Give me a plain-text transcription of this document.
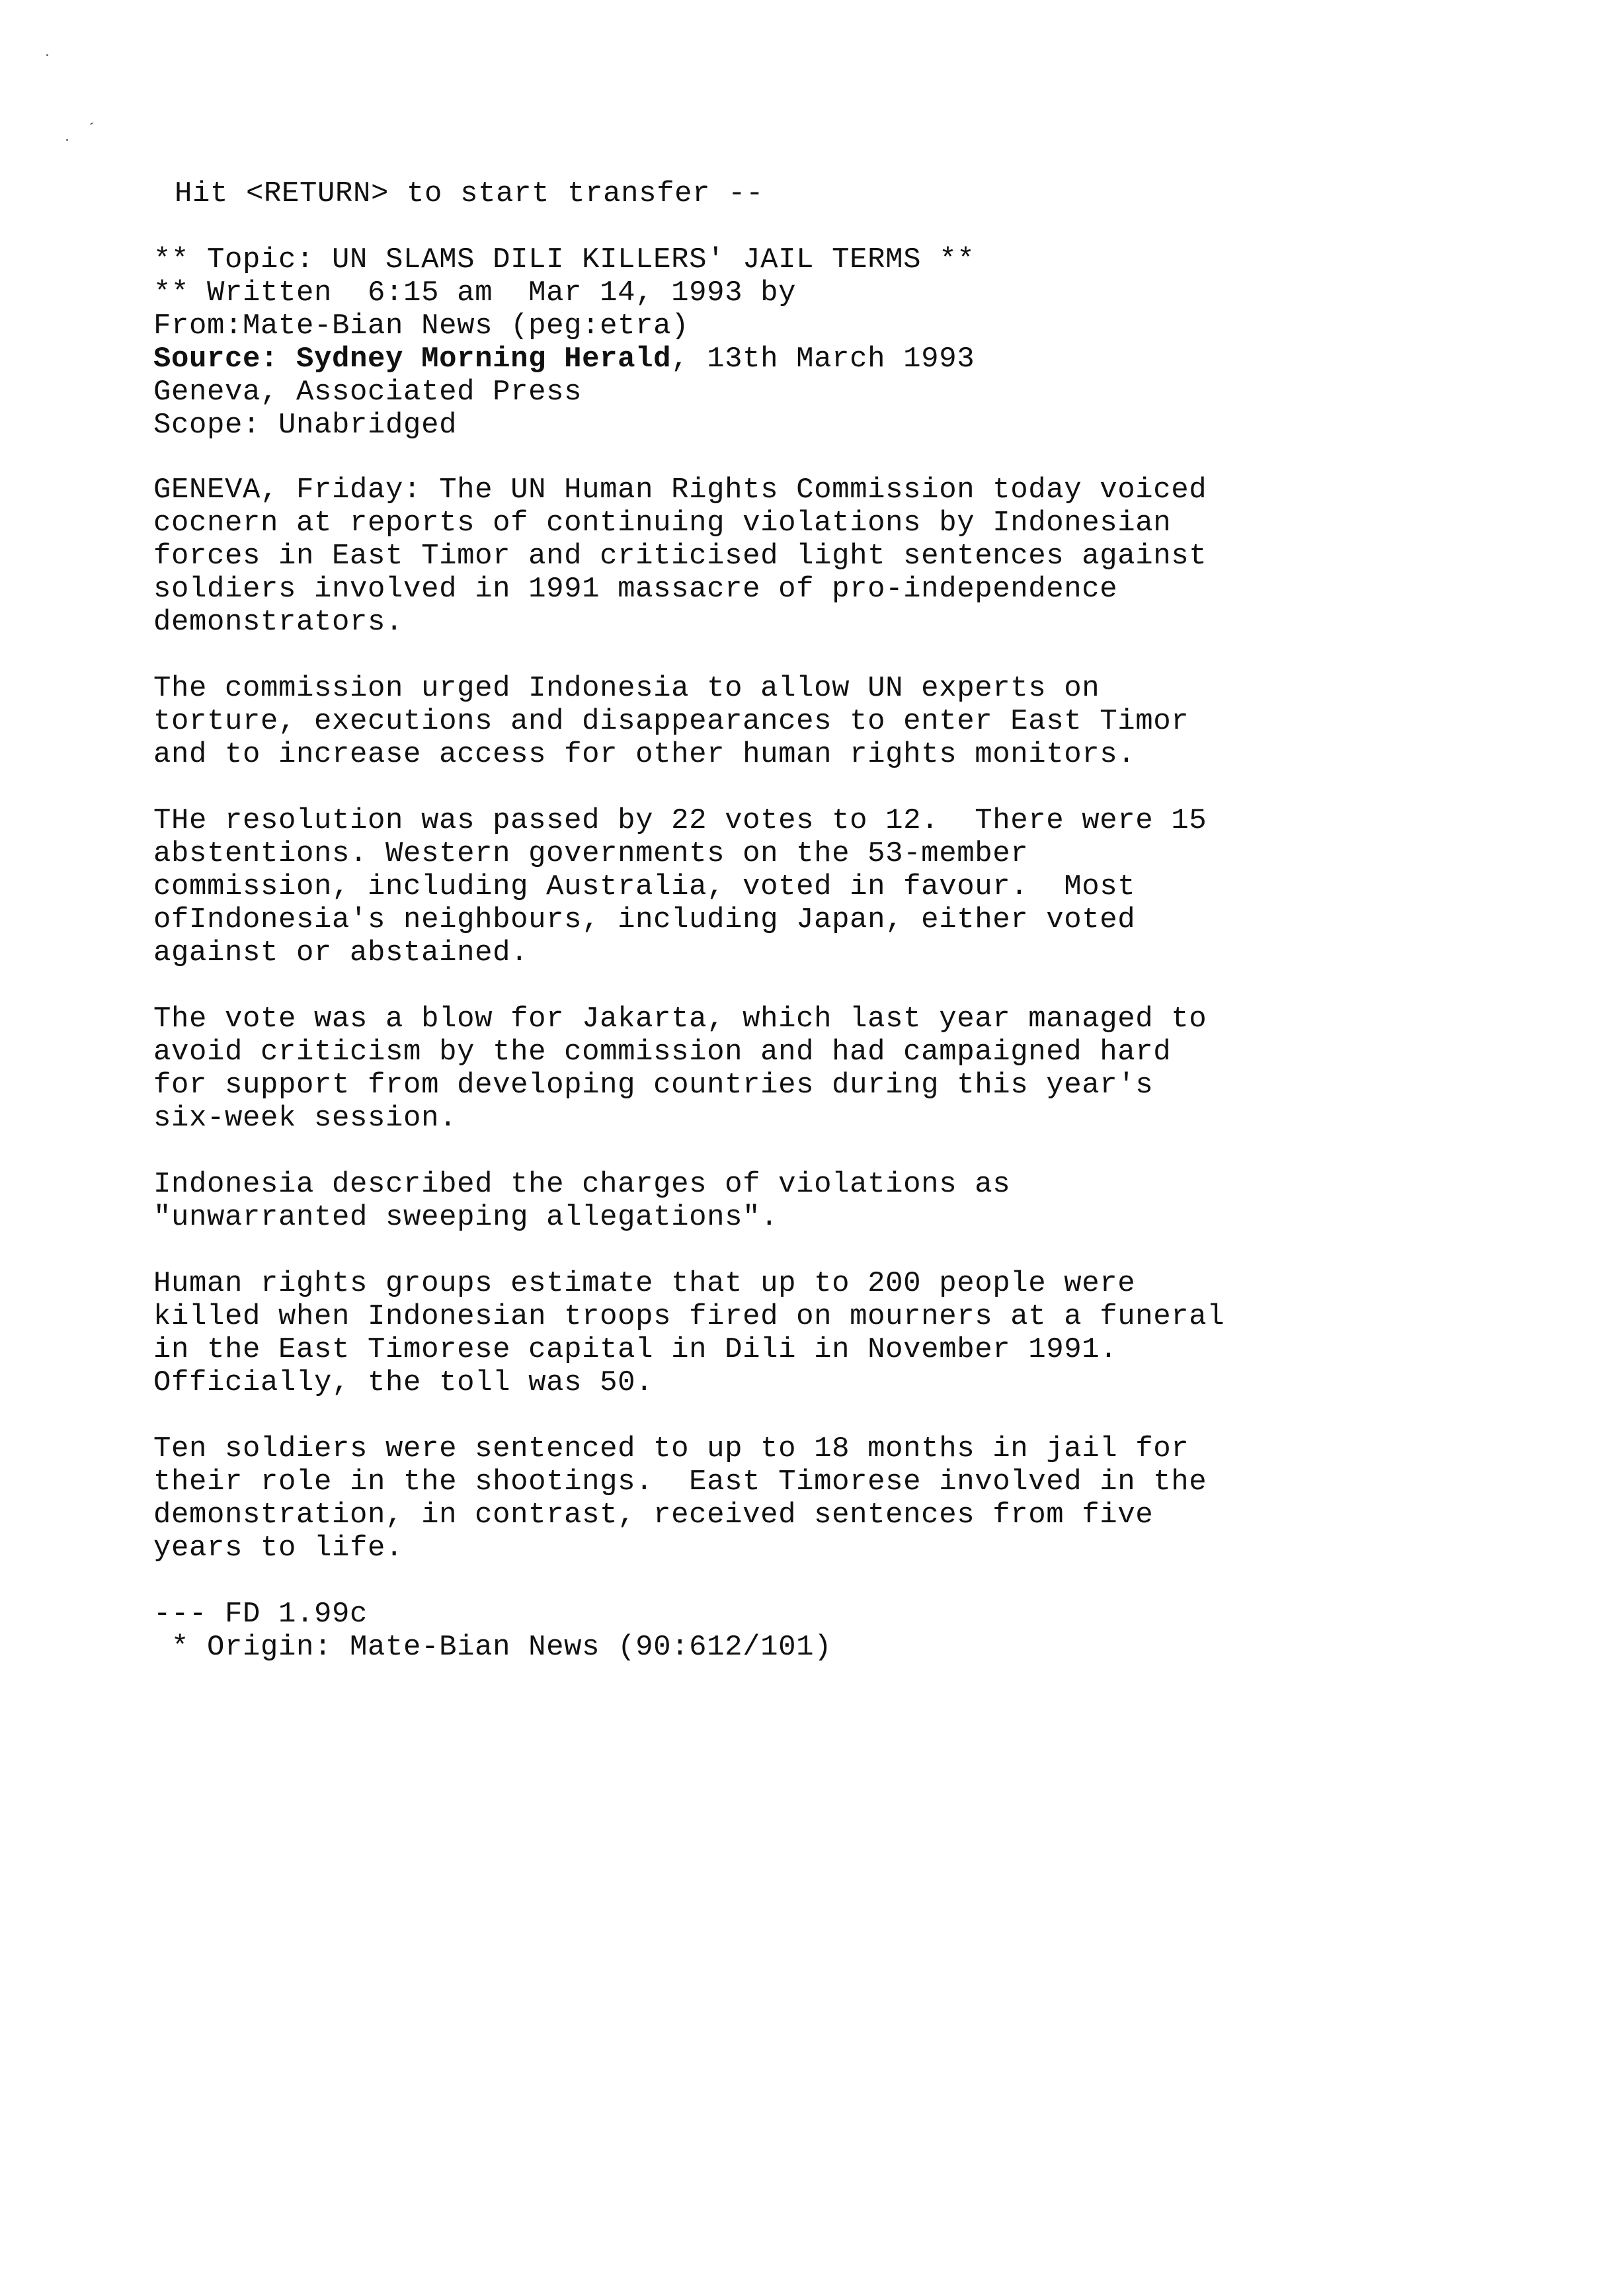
Hit <RETURN> to start transfer --
** Topic: UN SLAMS DILI KILLERS' JAIL TERMS **
** Written  6:15 am  Mar 14, 1993 by
From:Mate-Bian News (peg:etra)
Source: Sydney Morning Herald, 13th March 1993
Geneva, Associated Press
Scope: Unabridged
GENEVA, Friday: The UN Human Rights Commission today voiced
cocnern at reports of continuing violations by Indonesian
forces in East Timor and criticised light sentences against
soldiers involved in 1991 massacre of pro-independence
demonstrators.
The commission urged Indonesia to allow UN experts on
torture, executions and disappearances to enter East Timor
and to increase access for other human rights monitors.
THe resolution was passed by 22 votes to 12.  There were 15
abstentions. Western governments on the 53-member
commission, including Australia, voted in favour.  Most
ofIndonesia's neighbours, including Japan, either voted
against or abstained.
The vote was a blow for Jakarta, which last year managed to
avoid criticism by the commission and had campaigned hard
for support from developing countries during this year's
six-week session.
Indonesia described the charges of violations as
"unwarranted sweeping allegations".
Human rights groups estimate that up to 200 people were
killed when Indonesian troops fired on mourners at a funeral
in the East Timorese capital in Dili in November 1991.
Officially, the toll was 50.
Ten soldiers were sentenced to up to 18 months in jail for
their role in the shootings.  East Timorese involved in the
demonstration, in contrast, received sentences from five
years to life.
--- FD 1.99c
* Origin: Mate-Bian News (90:612/101)
